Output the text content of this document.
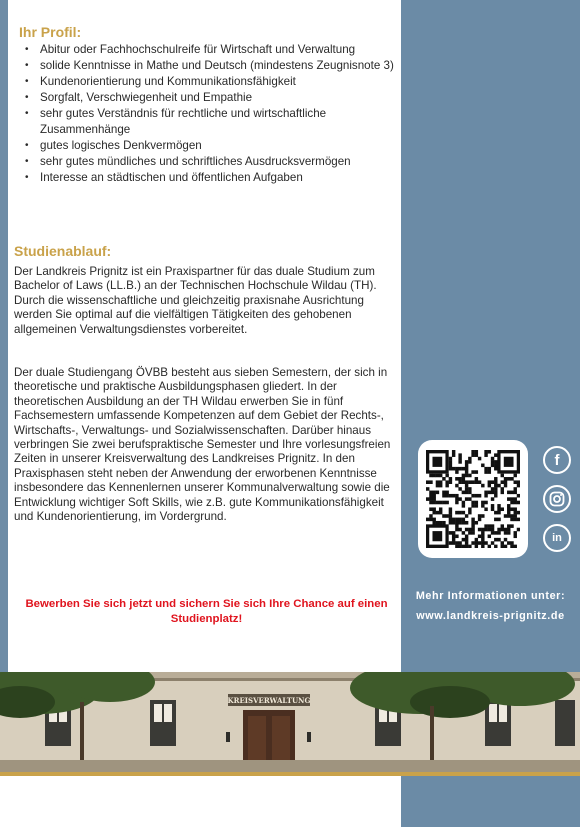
Ihr Profil:
• Abitur oder Fachhochschulreife für Wirtschaft und Verwaltung
• solide Kenntnisse in Mathe und Deutsch (mindestens Zeugnisnote 3)
• Kundenorientierung und Kommunikationsfähigkeit
• Sorgfalt, Verschwiegenheit und Empathie
• sehr gutes Verständnis für rechtliche und wirtschaftliche Zusammenhänge
• gutes logisches Denkvermögen
• sehr gutes mündliches und schriftliches Ausdrucksvermögen
• Interesse an städtischen und öffentlichen Aufgaben
Studienablauf:

Der Landkreis Prignitz ist ein Praxispartner für das duale Studium zum Bachelor of Laws (LL.B.) an der Technischen Hochschule Wildau (TH). Durch die wissenschaftliche und gleichzeitig praxisnahe Ausrichtung werden Sie optimal auf die vielfältigen Tätigkeiten des gehobenen allgemeinen Verwaltungsdienstes vorbereitet.

Der duale Studiengang ÖVBB besteht aus sieben Semestern, der sich in theoretische und praktische Ausbildungsphasen gliedert. In der theoretischen Ausbildung an der TH Wildau erwerben Sie in fünf Fachsemestern umfassende Kompetenzen auf dem Gebiet der Rechts-, Wirtschafts-, Verwaltungs- und Sozialwissenschaften. Darüber hinaus verbringen Sie zwei berufspraktische Semester und Ihre vorlesungsfreien Zeiten in unserer Kreisverwaltung des Landkreises Prignitz. In den Praxisphasen steht neben der Anwendung der erworbenen Kenntnisse insbesondere das Kennenlernen unserer Kommunalverwaltung sowie die Entwicklung wichtiger Soft Skills, wie z.B. gute Kommunikationsfähigkeit und Kundenorientierung, im Vordergrund.

Bewerben Sie sich jetzt und sichern Sie sich Ihre Chance auf einen Studienplatz!

f
in

Mehr Informationen unter:

www.landkreis-prignitz.de

KREISVERWALTUNG
